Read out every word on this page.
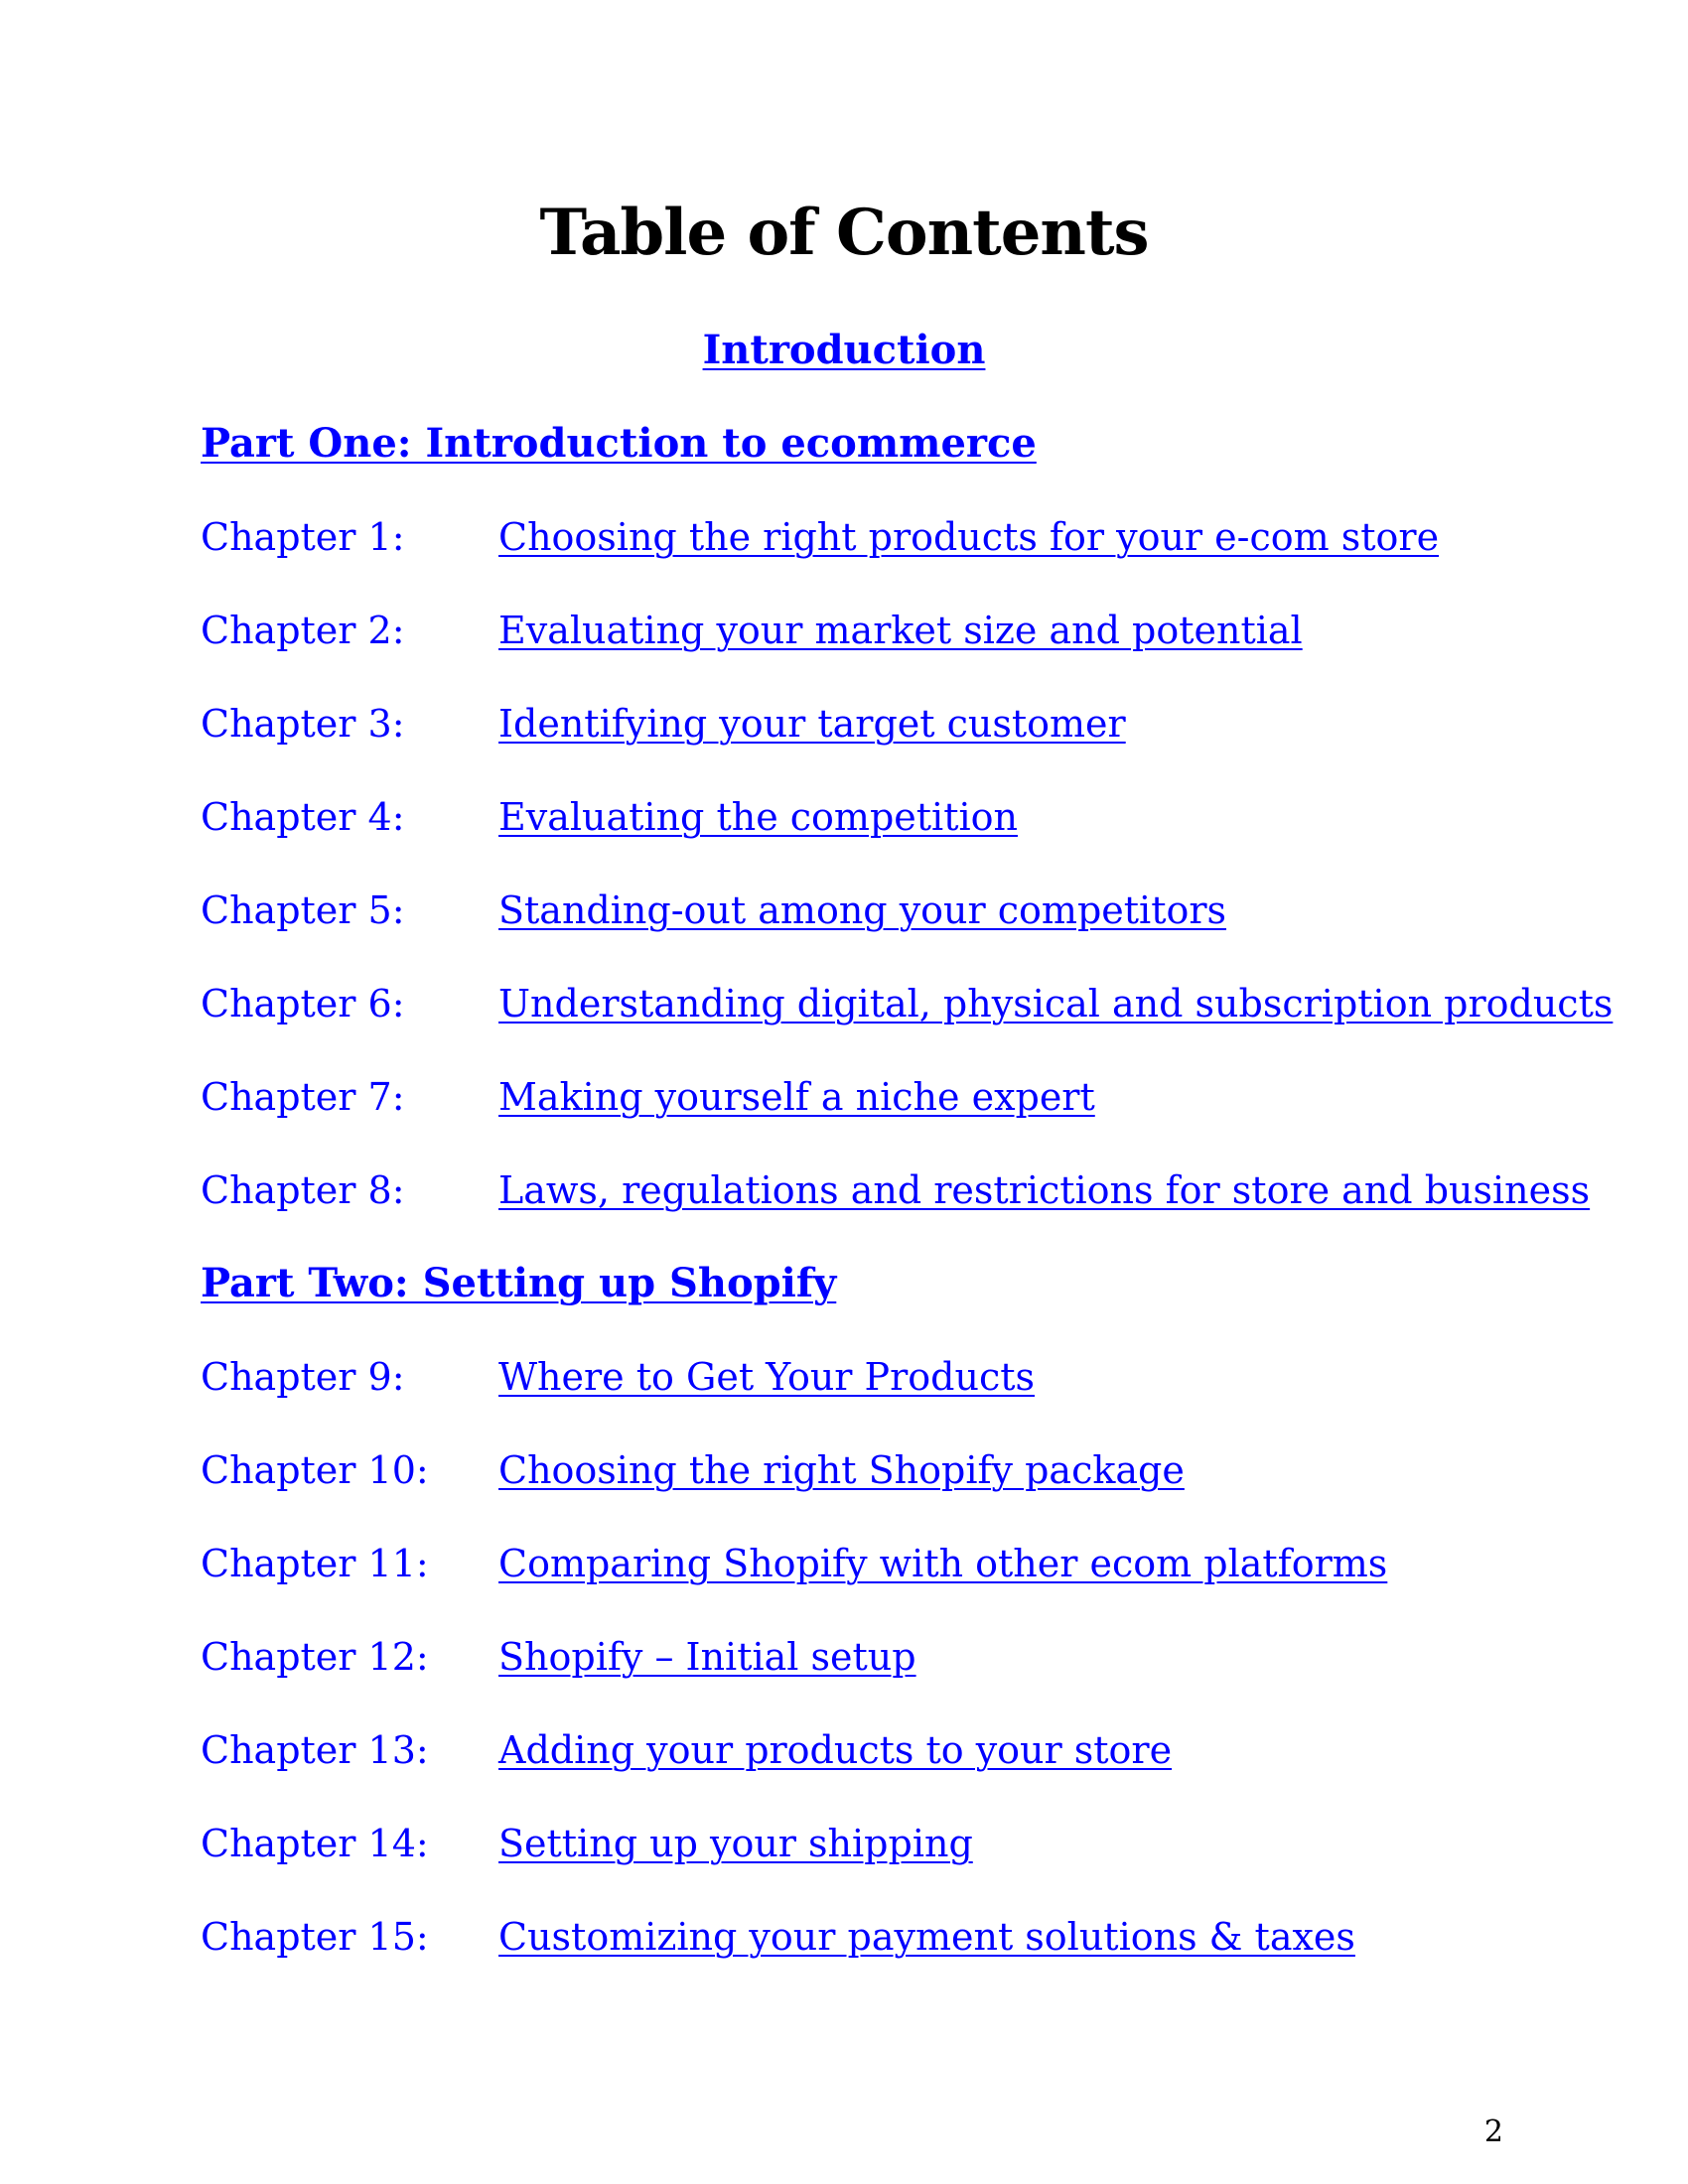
Table of Contents
Introduction
Part One: Introduction to ecommerce
Chapter 1: Choosing the right products for your e-com store
Chapter 2: Evaluating your market size and potential
Chapter 3: Identifying your target customer
Chapter 4: Evaluating the competition
Chapter 5: Standing-out among your competitors
Chapter 6: Understanding digital, physical and subscription products
Chapter 7: Making yourself a niche expert
Chapter 8: Laws, regulations and restrictions for store and business
Part Two: Setting up Shopify
Chapter 9: Where to Get Your Products
Chapter 10: Choosing the right Shopify package
Chapter 11: Comparing Shopify with other ecom platforms
Chapter 12: Shopify – Initial setup
Chapter 13: Adding your products to your store
Chapter 14: Setting up your shipping
Chapter 15: Customizing your payment solutions & taxes
2
